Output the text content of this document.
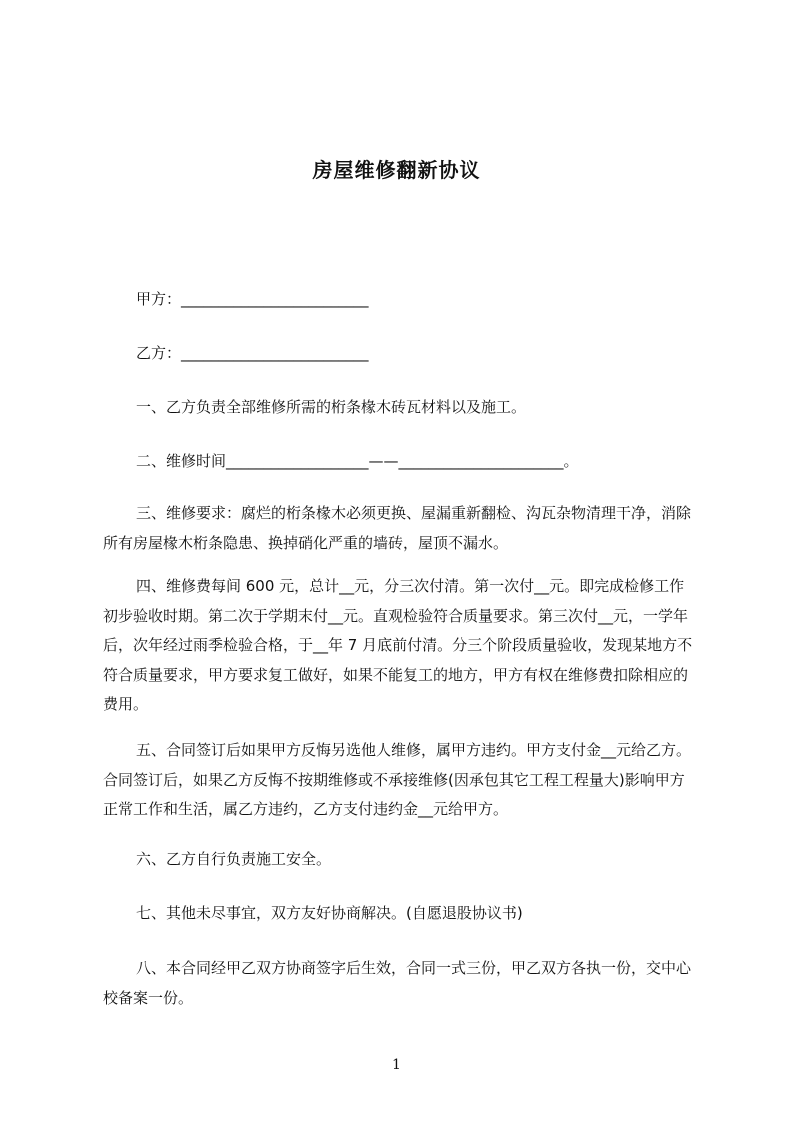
房屋维修翻新协议

甲方：_________________________

乙方：_________________________

一、乙方负责全部维修所需的桁条椽木砖瓦材料以及施工。

二、维修时间___________________——______________________。

三、维修要求：腐烂的桁条椽木必须更换、屋漏重新翻检、沟瓦杂物清理干净，消除所有房屋椽木桁条隐患、换掉硝化严重的墙砖，屋顶不漏水。

四、维修费每间 600 元，总计__元，分三次付清。第一次付__元。即完成检修工作初步验收时期。第二次于学期末付__元。直观检验符合质量要求。第三次付__元，一学年后，次年经过雨季检验合格，于__年 7 月底前付清。分三个阶段质量验收，发现某地方不符合质量要求，甲方要求复工做好，如果不能复工的地方，甲方有权在维修费扣除相应的费用。

五、合同签订后如果甲方反悔另选他人维修，属甲方违约。甲方支付金__元给乙方。合同签订后，如果乙方反悔不按期维修或不承接维修(因承包其它工程工程量大)影响甲方正常工作和生活，属乙方违约，乙方支付违约金__元给甲方。

六、乙方自行负责施工安全。

七、其他未尽事宜，双方友好协商解决。(自愿退股协议书)

八、本合同经甲乙双方协商签字后生效，合同一式三份，甲乙双方各执一份，交中心校备案一份。

1
